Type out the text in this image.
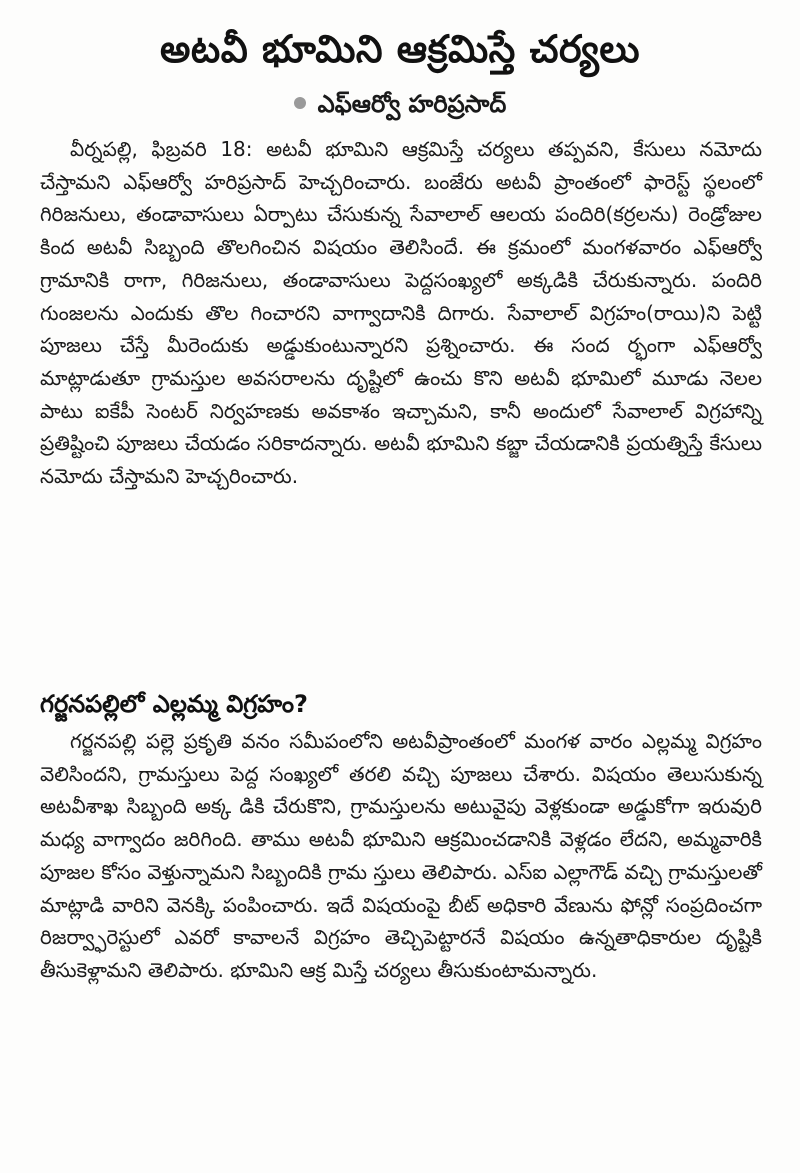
అటవీ భూమిని ఆక్రమిస్తే చర్యలు
ఎఫ్ఆర్వో హరిప్రసాద్

వీర్నపల్లి, ఫిబ్రవరి 18: అటవీ భూమిని ఆక్రమిస్తే చర్యలు తప్పవని, కేసులు నమోదు చేస్తామని ఎఫ్ఆర్వో హరిప్రసాద్ హెచ్చరించారు. బంజేరు అటవీ ప్రాంతంలో ఫారెస్ట్ స్థలంలో గిరిజనులు, తండావాసులు ఏర్పాటు చేసుకున్న సేవాలాల్ ఆలయ పందిరి(కర్రలను) రెండ్రోజుల కింద అటవీ సిబ్బంది తొలగించిన విషయం తెలిసిందే. ఈ క్రమంలో మంగళవారం ఎఫ్ఆర్వో గ్రామానికి రాగా, గిరిజనులు, తండావాసులు పెద్దసంఖ్యలో అక్కడికి చేరుకున్నారు. పందిరి గుంజలను ఎందుకు తొల గించారని వాగ్వాదానికి దిగారు. సేవాలాల్ విగ్రహం(రాయి)ని పెట్టి పూజలు చేస్తే మీరెందుకు అడ్డుకుంటున్నారని ప్రశ్నించారు. ఈ సంద ర్భంగా ఎఫ్ఆర్వో మాట్లాడుతూ గ్రామస్తుల అవసరాలను దృష్టిలో ఉంచు కొని అటవీ భూమిలో మూడు నెలల పాటు ఐకేపీ సెంటర్ నిర్వహణకు అవకాశం ఇచ్చామని, కానీ అందులో సేవాలాల్ విగ్రహాన్ని ప్రతిష్టించి పూజలు చేయడం సరికాదన్నారు. అటవీ భూమిని కబ్జా చేయడానికి ప్రయత్నిస్తే కేసులు నమోదు చేస్తామని హెచ్చరించారు.

గర్జనపల్లిలో ఎల్లమ్మ విగ్రహం?

గర్జనపల్లి పల్లె ప్రకృతి వనం సమీపంలోని అటవీప్రాంతంలో మంగళ వారం ఎల్లమ్మ విగ్రహం వెలిసిందని, గ్రామస్తులు పెద్ద సంఖ్యలో తరలి వచ్చి పూజలు చేశారు. విషయం తెలుసుకున్న అటవీశాఖ సిబ్బంది అక్క డికి చేరుకొని, గ్రామస్తులను అటువైపు వెళ్లకుండా అడ్డుకోగా ఇరువురి మధ్య వాగ్వాదం జరిగింది. తాము అటవీ భూమిని ఆక్రమించడానికి వెళ్లడం లేదని, అమ్మవారికి పూజల కోసం వెళ్తున్నామని సిబ్బందికి గ్రామ స్తులు తెలిపారు. ఎస్ఐ ఎల్లాగౌడ్ వచ్చి గ్రామస్తులతో మాట్లాడి వారిని వెనక్కి పంపించారు. ఇదే విషయంపై బీట్ అధికారి వేణును ఫోన్లో సంప్రదించగా రిజర్వ్ఫారెస్టులో ఎవరో కావాలనే విగ్రహం తెచ్చిపెట్టారనే విషయం ఉన్నతాధికారుల దృష్టికి తీసుకెళ్లామని తెలిపారు. భూమిని ఆక్ర మిస్తే చర్యలు తీసుకుంటామన్నారు.
